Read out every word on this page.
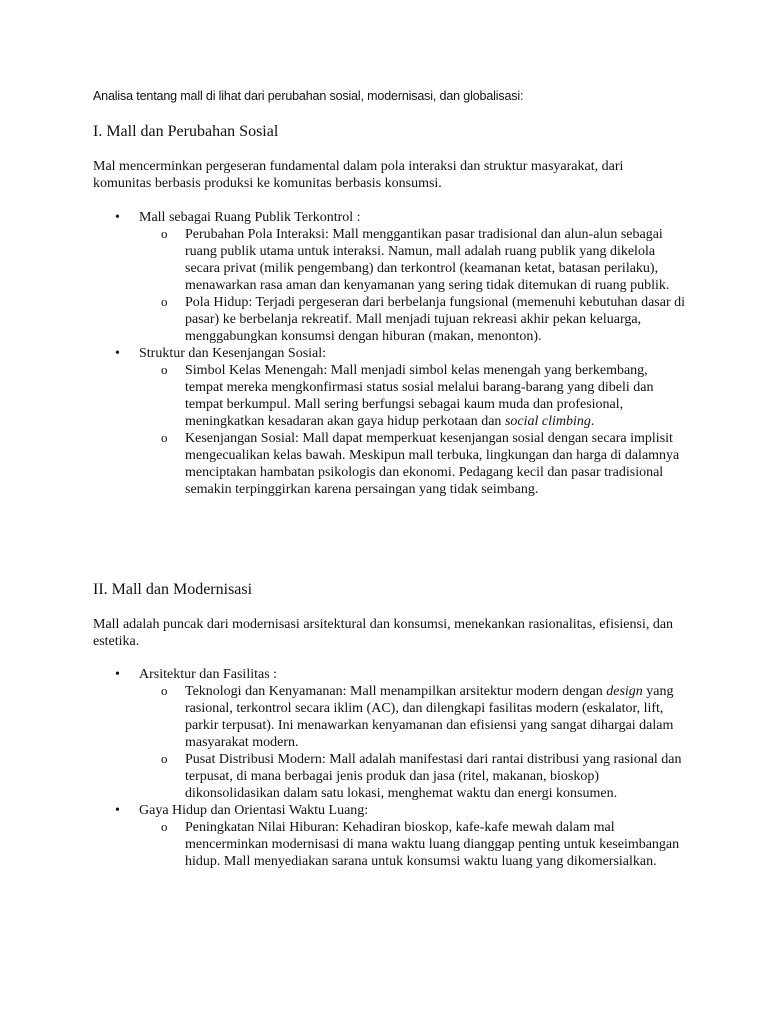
Analisa tentang mall di lihat dari perubahan sosial, modernisasi, dan globalisasi:
I. Mall dan Perubahan Sosial
Mal mencerminkan pergeseran fundamental dalam pola interaksi dan struktur masyarakat, dari komunitas berbasis produksi ke komunitas berbasis konsumsi.
• Mall sebagai Ruang Publik Terkontrol :
o Perubahan Pola Interaksi: Mall menggantikan pasar tradisional dan alun-alun sebagai ruang publik utama untuk interaksi. Namun, mall adalah ruang publik yang dikelola secara privat (milik pengembang) dan terkontrol (keamanan ketat, batasan perilaku), menawarkan rasa aman dan kenyamanan yang sering tidak ditemukan di ruang publik.
o Pola Hidup: Terjadi pergeseran dari berbelanja fungsional (memenuhi kebutuhan dasar di pasar) ke berbelanja rekreatif. Mall menjadi tujuan rekreasi akhir pekan keluarga, menggabungkan konsumsi dengan hiburan (makan, menonton).
• Struktur dan Kesenjangan Sosial:
o Simbol Kelas Menengah: Mall menjadi simbol kelas menengah yang berkembang, tempat mereka mengkonfirmasi status sosial melalui barang-barang yang dibeli dan tempat berkumpul. Mall sering berfungsi sebagai kaum muda dan profesional, meningkatkan kesadaran akan gaya hidup perkotaan dan social climbing.
o Kesenjangan Sosial: Mall dapat memperkuat kesenjangan sosial dengan secara implisit mengecualikan kelas bawah. Meskipun mall terbuka, lingkungan dan harga di dalamnya menciptakan hambatan psikologis dan ekonomi. Pedagang kecil dan pasar tradisional semakin terpinggirkan karena persaingan yang tidak seimbang.
II. Mall dan Modernisasi
Mall adalah puncak dari modernisasi arsitektural dan konsumsi, menekankan rasionalitas, efisiensi, dan estetika.
• Arsitektur dan Fasilitas :
o Teknologi dan Kenyamanan: Mall menampilkan arsitektur modern dengan design yang rasional, terkontrol secara iklim (AC), dan dilengkapi fasilitas modern (eskalator, lift, parkir terpusat). Ini menawarkan kenyamanan dan efisiensi yang sangat dihargai dalam masyarakat modern.
o Pusat Distribusi Modern: Mall adalah manifestasi dari rantai distribusi yang rasional dan terpusat, di mana berbagai jenis produk dan jasa (ritel, makanan, bioskop) dikonsolidasikan dalam satu lokasi, menghemat waktu dan energi konsumen.
• Gaya Hidup dan Orientasi Waktu Luang:
o Peningkatan Nilai Hiburan: Kehadiran bioskop, kafe-kafe mewah dalam mal mencerminkan modernisasi di mana waktu luang dianggap penting untuk keseimbangan hidup. Mall menyediakan sarana untuk konsumsi waktu luang yang dikomersialkan.
